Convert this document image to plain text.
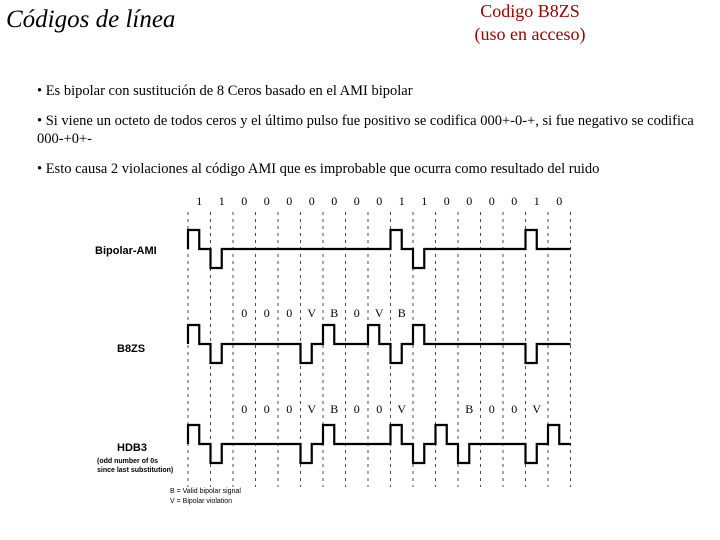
Códigos de línea	Codigo B8ZS
(uso en acceso)

• Es bipolar con sustitución de 8 Ceros basado en el AMI bipolar

• Si viene un octeto de todos ceros y el último pulso fue positivo se codifica 000+-0-+, si fue negativo se codifica 000-+0+-

• Esto causa 2 violaciones al código AMI que es improbable que ocurra como resultado del ruido

1 1 0 0 0 0 0 0 0 1 1 0 0 0 0 1 0
0 0 0 V B 0 V B
0 0 0 V B 0 0 V	B 0 0 V
Bipolar-AMI
B8ZS
HDB3
(odd number of 0s
since last substitution)
B = Valid bipolar signal
V = Bipolar violation
